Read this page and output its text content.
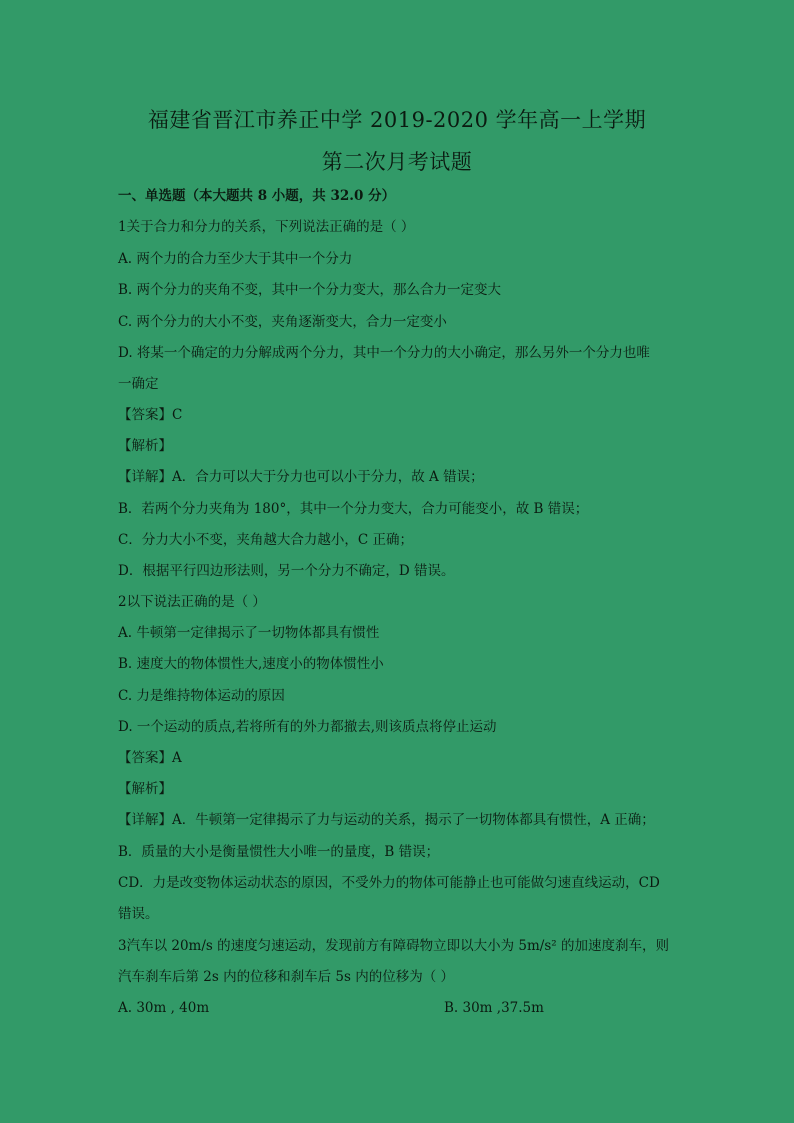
福建省晋江市养正中学 2019-2020 学年高一上学期
第二次月考试题
一、单选题（本大题共 8 小题，共 32.0 分）
1关于合力和分力的关系，下列说法正确的是（ ）
A. 两个力的合力至少大于其中一个分力
B. 两个分力的夹角不变，其中一个分力变大，那么合力一定变大
C. 两个分力的大小不变，夹角逐渐变大，合力一定变小
D. 将某一个确定的力分解成两个分力，其中一个分力的大小确定，那么另外一个分力也唯
一确定
【答案】C
【解析】
【详解】A．合力可以大于分力也可以小于分力，故 A 错误；
B．若两个分力夹角为 180°，其中一个分力变大，合力可能变小，故 B 错误；
C．分力大小不变，夹角越大合力越小，C 正确；
D．根据平行四边形法则，另一个分力不确定，D 错误。
2以下说法正确的是（ ）
A. 牛顿第一定律揭示了一切物体都具有惯性
B. 速度大的物体惯性大,速度小的物体惯性小
C. 力是维持物体运动的原因
D. 一个运动的质点,若将所有的外力都撤去,则该质点将停止运动
【答案】A
【解析】
【详解】A．牛顿第一定律揭示了力与运动的关系，揭示了一切物体都具有惯性，A 正确；
B．质量的大小是衡量惯性大小唯一的量度，B 错误；
CD．力是改变物体运动状态的原因，不受外力的物体可能静止也可能做匀速直线运动，CD
错误。
3汽车以 20m/s 的速度匀速运动，发现前方有障碍物立即以大小为 5m/s² 的加速度刹车，则
汽车刹车后第 2s 内的位移和刹车后 5s 内的位移为（ ）
A. 30m , 40m	B. 30m ,37.5m
